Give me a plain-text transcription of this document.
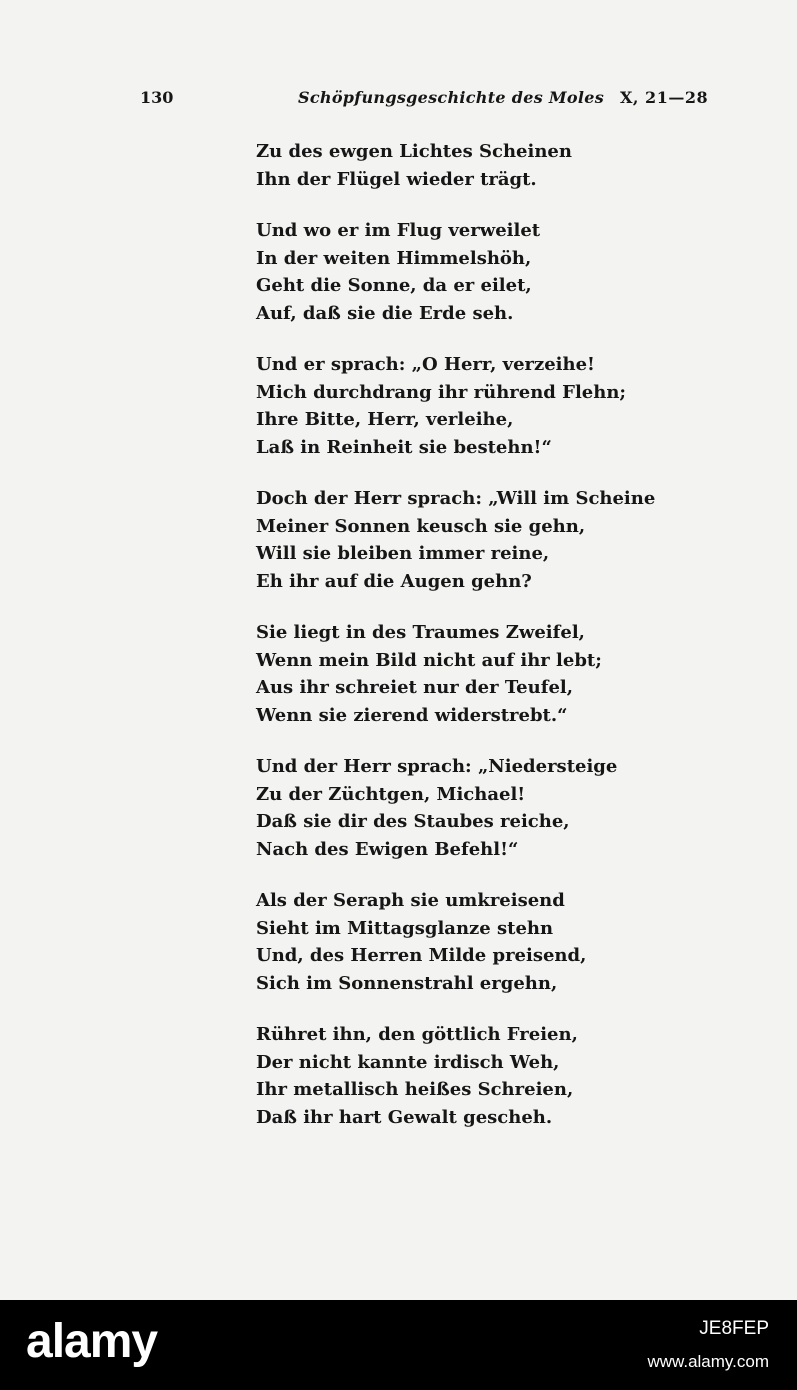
130	Schöpfungsgeschichte des Moles X, 21—28
Zu des ewgen Lichtes Scheinen
Ihn der Flügel wieder trägt.
Und wo er im Flug verweilet
In der weiten Himmelshöh,
Geht die Sonne, da er eilet,
Auf, daß sie die Erde seh.
Und er sprach: „O Herr, verzeihe!
Mich durchdrang ihr rührend Flehn;
Ihre Bitte, Herr, verleihe,
Laß in Reinheit sie bestehn!“
Doch der Herr sprach: „Will im Scheine
Meiner Sonnen keusch sie gehn,
Will sie bleiben immer reine,
Eh ihr auf die Augen gehn?
Sie liegt in des Traumes Zweifel,
Wenn mein Bild nicht auf ihr lebt;
Aus ihr schreiet nur der Teufel,
Wenn sie zierend widerstrebt.“
Und der Herr sprach: „Niedersteige
Zu der Züchtgen, Michael!
Daß sie dir des Staubes reiche,
Nach des Ewigen Befehl!“
Als der Seraph sie umkreisend
Sieht im Mittagsglanze stehn
Und, des Herren Milde preisend,
Sich im Sonnenstrahl ergehn,
Rühret ihn, den göttlich Freien,
Der nicht kannte irdisch Weh,
Ihr metallisch heißes Schreien,
Daß ihr hart Gewalt gescheh.
alamy	JE8FEP
www.alamy.com
